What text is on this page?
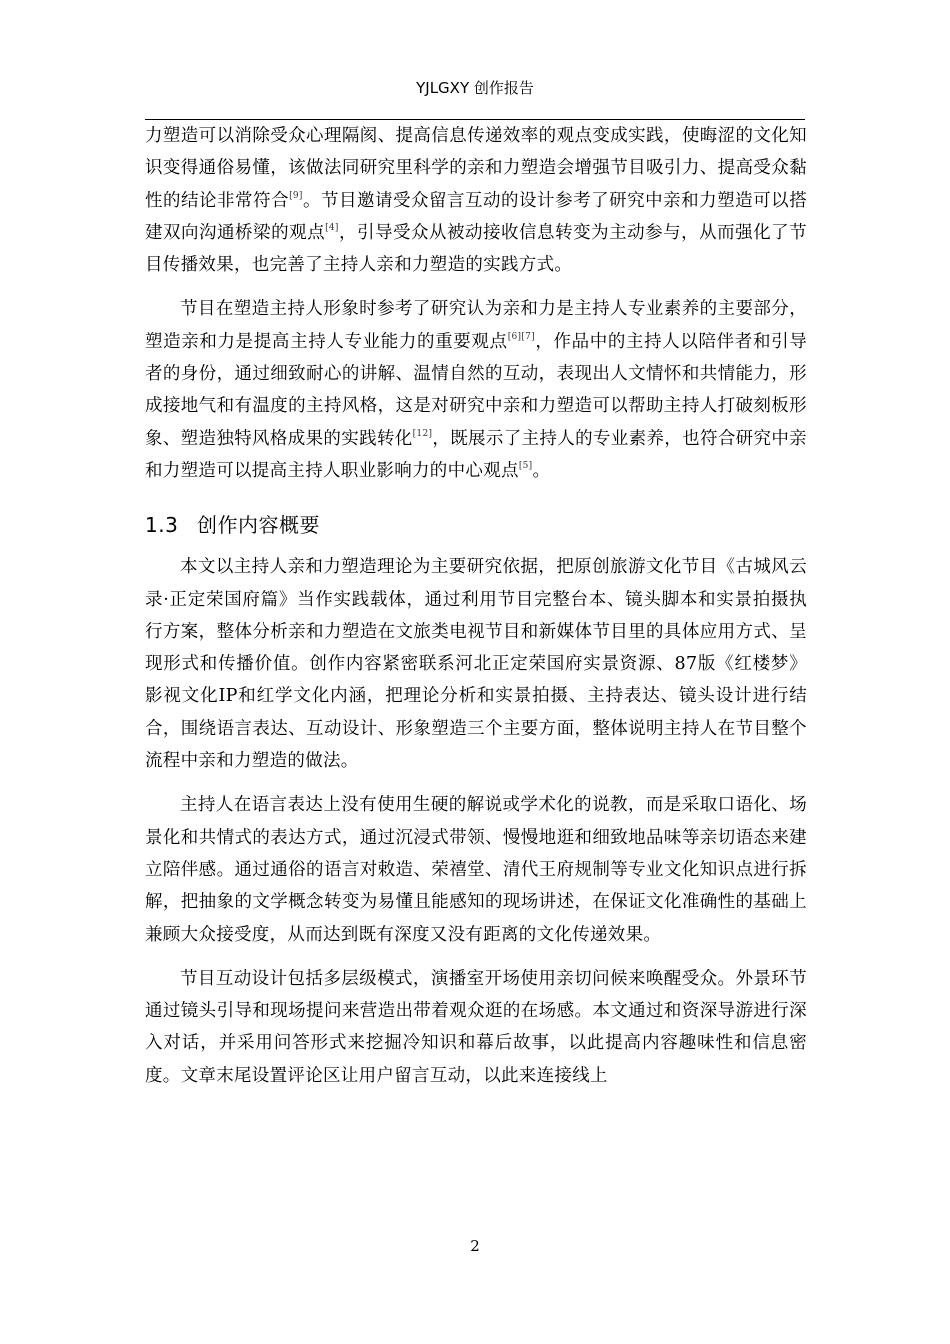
YJLGXY 创作报告

力塑造可以消除受众心理隔阂、提高信息传递效率的观点变成实践，使晦涩的文化知识变得通俗易懂，该做法同研究里科学的亲和力塑造会增强节目吸引力、提高受众黏性的结论非常符合[9]。节目邀请受众留言互动的设计参考了研究中亲和力塑造可以搭建双向沟通桥梁的观点[4]，引导受众从被动接收信息转变为主动参与，从而强化了节目传播效果，也完善了主持人亲和力塑造的实践方式。

节目在塑造主持人形象时参考了研究认为亲和力是主持人专业素养的主要部分，塑造亲和力是提高主持人专业能力的重要观点[6][7]，作品中的主持人以陪伴者和引导者的身份，通过细致耐心的讲解、温情自然的互动，表现出人文情怀和共情能力，形成接地气和有温度的主持风格，这是对研究中亲和力塑造可以帮助主持人打破刻板形象、塑造独特风格成果的实践转化[12]，既展示了主持人的专业素养，也符合研究中亲和力塑造可以提高主持人职业影响力的中心观点[5]。

1.3 创作内容概要

本文以主持人亲和力塑造理论为主要研究依据，把原创旅游文化节目《古城风云录·正定荣国府篇》当作实践载体，通过利用节目完整台本、镜头脚本和实景拍摄执行方案，整体分析亲和力塑造在文旅类电视节目和新媒体节目里的具体应用方式、呈现形式和传播价值。创作内容紧密联系河北正定荣国府实景资源、87版《红楼梦》影视文化IP和红学文化内涵，把理论分析和实景拍摄、主持表达、镜头设计进行结合，围绕语言表达、互动设计、形象塑造三个主要方面，整体说明主持人在节目整个流程中亲和力塑造的做法。

主持人在语言表达上没有使用生硬的解说或学术化的说教，而是采取口语化、场景化和共情式的表达方式，通过沉浸式带领、慢慢地逛和细致地品味等亲切语态来建立陪伴感。通过通俗的语言对敕造、荣禧堂、清代王府规制等专业文化知识点进行拆解，把抽象的文学概念转变为易懂且能感知的现场讲述，在保证文化准确性的基础上兼顾大众接受度，从而达到既有深度又没有距离的文化传递效果。

节目互动设计包括多层级模式，演播室开场使用亲切问候来唤醒受众。外景环节通过镜头引导和现场提问来营造出带着观众逛的在场感。本文通过和资深导游进行深入对话，并采用问答形式来挖掘冷知识和幕后故事，以此提高内容趣味性和信息密度。文章末尾设置评论区让用户留言互动，以此来连接线上

2
